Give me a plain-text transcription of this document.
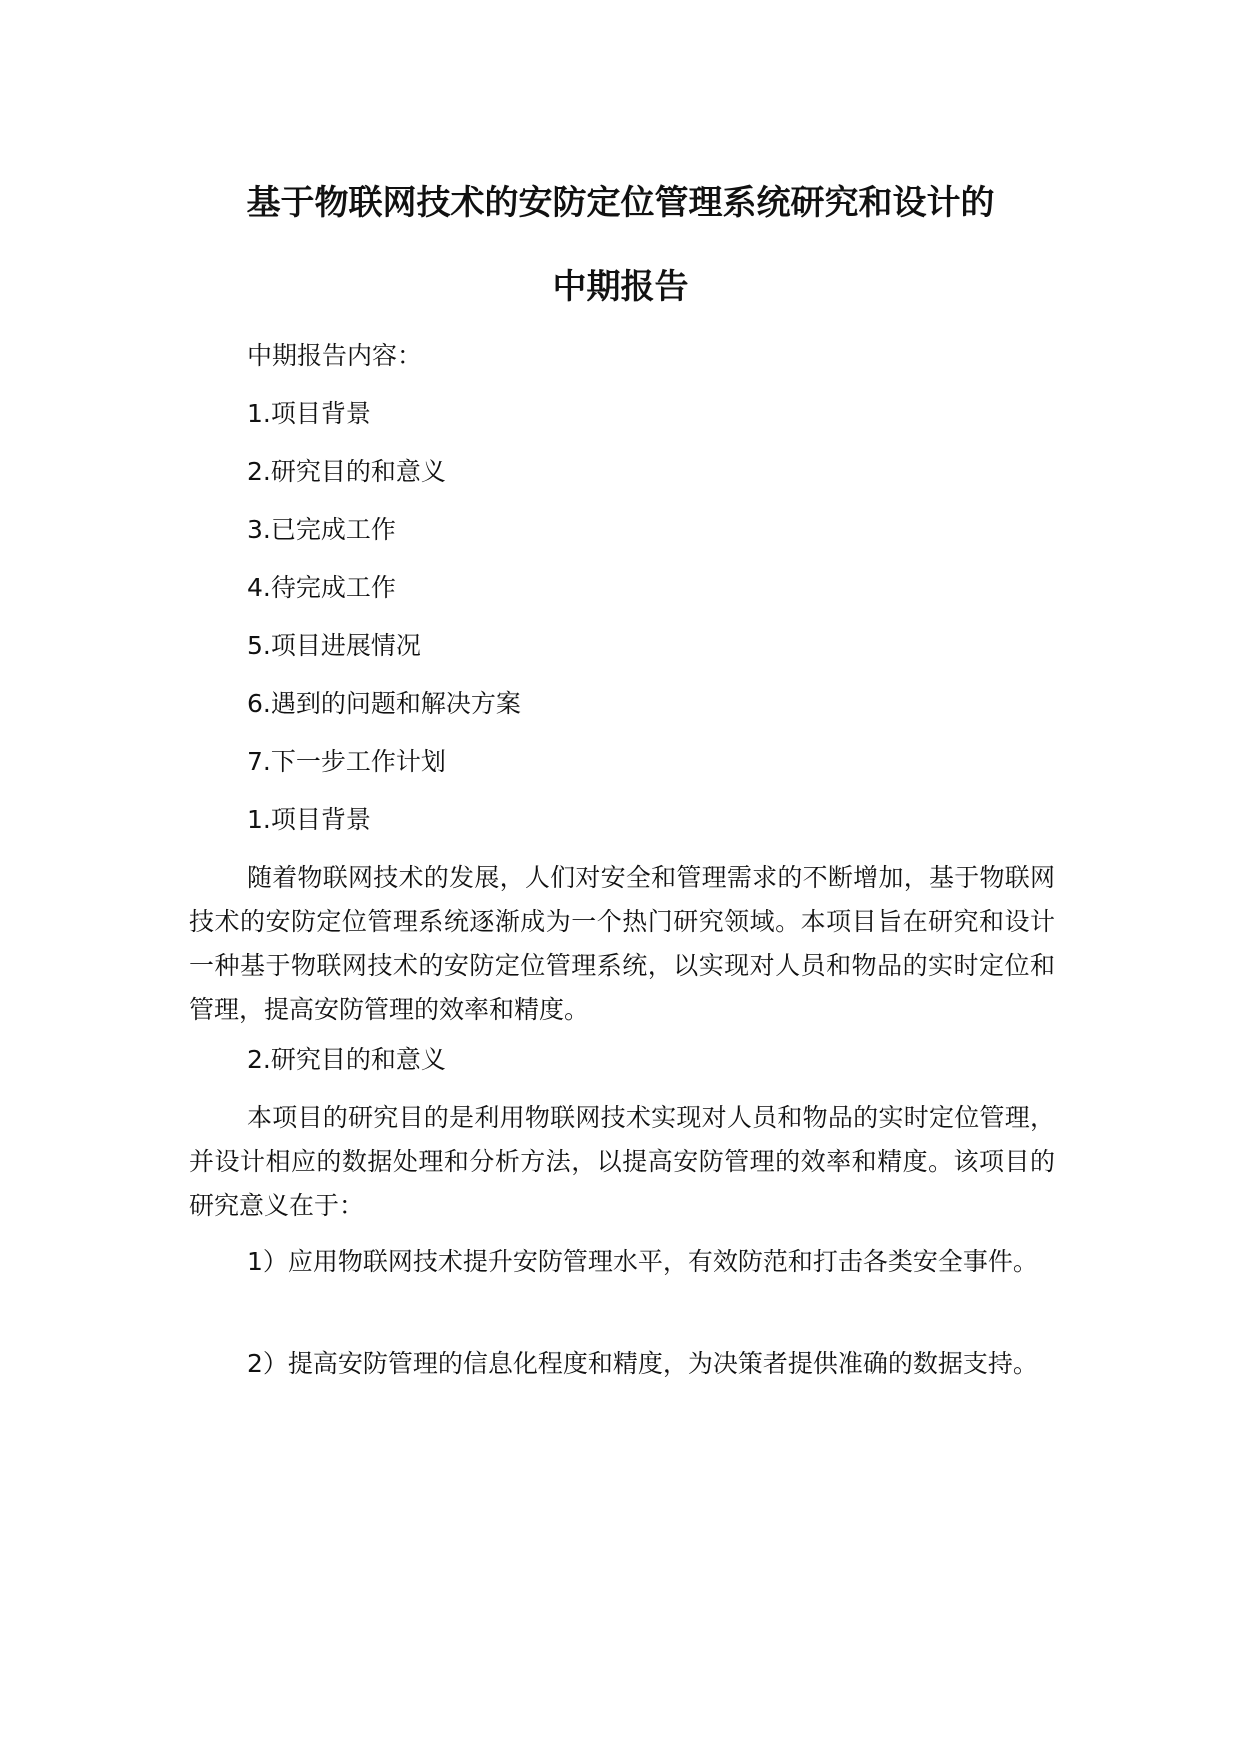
基于物联网技术的安防定位管理系统研究和设计的
中期报告
中期报告内容：
1.项目背景
2.研究目的和意义
3.已完成工作
4.待完成工作
5.项目进展情况
6.遇到的问题和解决方案
7.下一步工作计划
1.项目背景
随着物联网技术的发展，人们对安全和管理需求的不断增加，基于物联网技术的安防定位管理系统逐渐成为一个热门研究领域。本项目旨在研究和设计一种基于物联网技术的安防定位管理系统，以实现对人员和物品的实时定位和管理，提高安防管理的效率和精度。
2.研究目的和意义
本项目的研究目的是利用物联网技术实现对人员和物品的实时定位管理，并设计相应的数据处理和分析方法，以提高安防管理的效率和精度。该项目的研究意义在于：
1）应用物联网技术提升安防管理水平，有效防范和打击各类安全事件。
2）提高安防管理的信息化程度和精度，为决策者提供准确的数据支持。
